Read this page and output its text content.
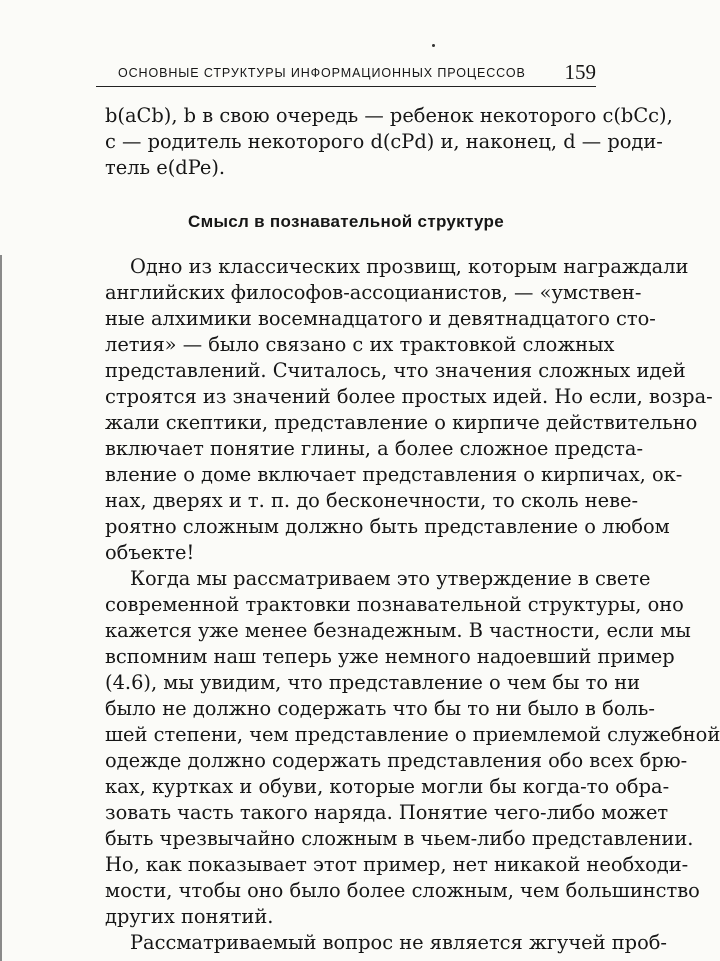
ОСНОВНЫЕ СТРУКТУРЫ ИНФОРМАЦИОННЫХ ПРОЦЕССОВ 159
b(aCb), b в свою очередь — ребенок некоторого c(bCc),
c — родитель некоторого d(cPd) и, наконец, d — роди-
тель e(dPe).
Смысл в познавательной структуре
Одно из классических прозвищ, которым награждали
английских философов-ассоцианистов, — «умствен-
ные алхимики восемнадцатого и девятнадцатого сто-
летия» — было связано с их трактовкой сложных
представлений. Считалось, что значения сложных идей
строятся из значений более простых идей. Но если, возра-
жали скептики, представление о кирпиче действительно
включает понятие глины, а более сложное предста-
вление о доме включает представления о кирпичах, ок-
нах, дверях и т. п. до бесконечности, то сколь неве-
роятно сложным должно быть представление о любом
объекте!
Когда мы рассматриваем это утверждение в свете
современной трактовки познавательной структуры, оно
кажется уже менее безнадежным. В частности, если мы
вспомним наш теперь уже немного надоевший пример
(4.6), мы увидим, что представление о чем бы то ни
было не должно содержать что бы то ни было в боль-
шей степени, чем представление о приемлемой служебной
одежде должно содержать представления обо всех брю-
ках, куртках и обуви, которые могли бы когда-то обра-
зовать часть такого наряда. Понятие чего-либо может
быть чрезвычайно сложным в чьем-либо представлении.
Но, как показывает этот пример, нет никакой необходи-
мости, чтобы оно было более сложным, чем большинство
других понятий.
Рассматриваемый вопрос не является жгучей проб-
